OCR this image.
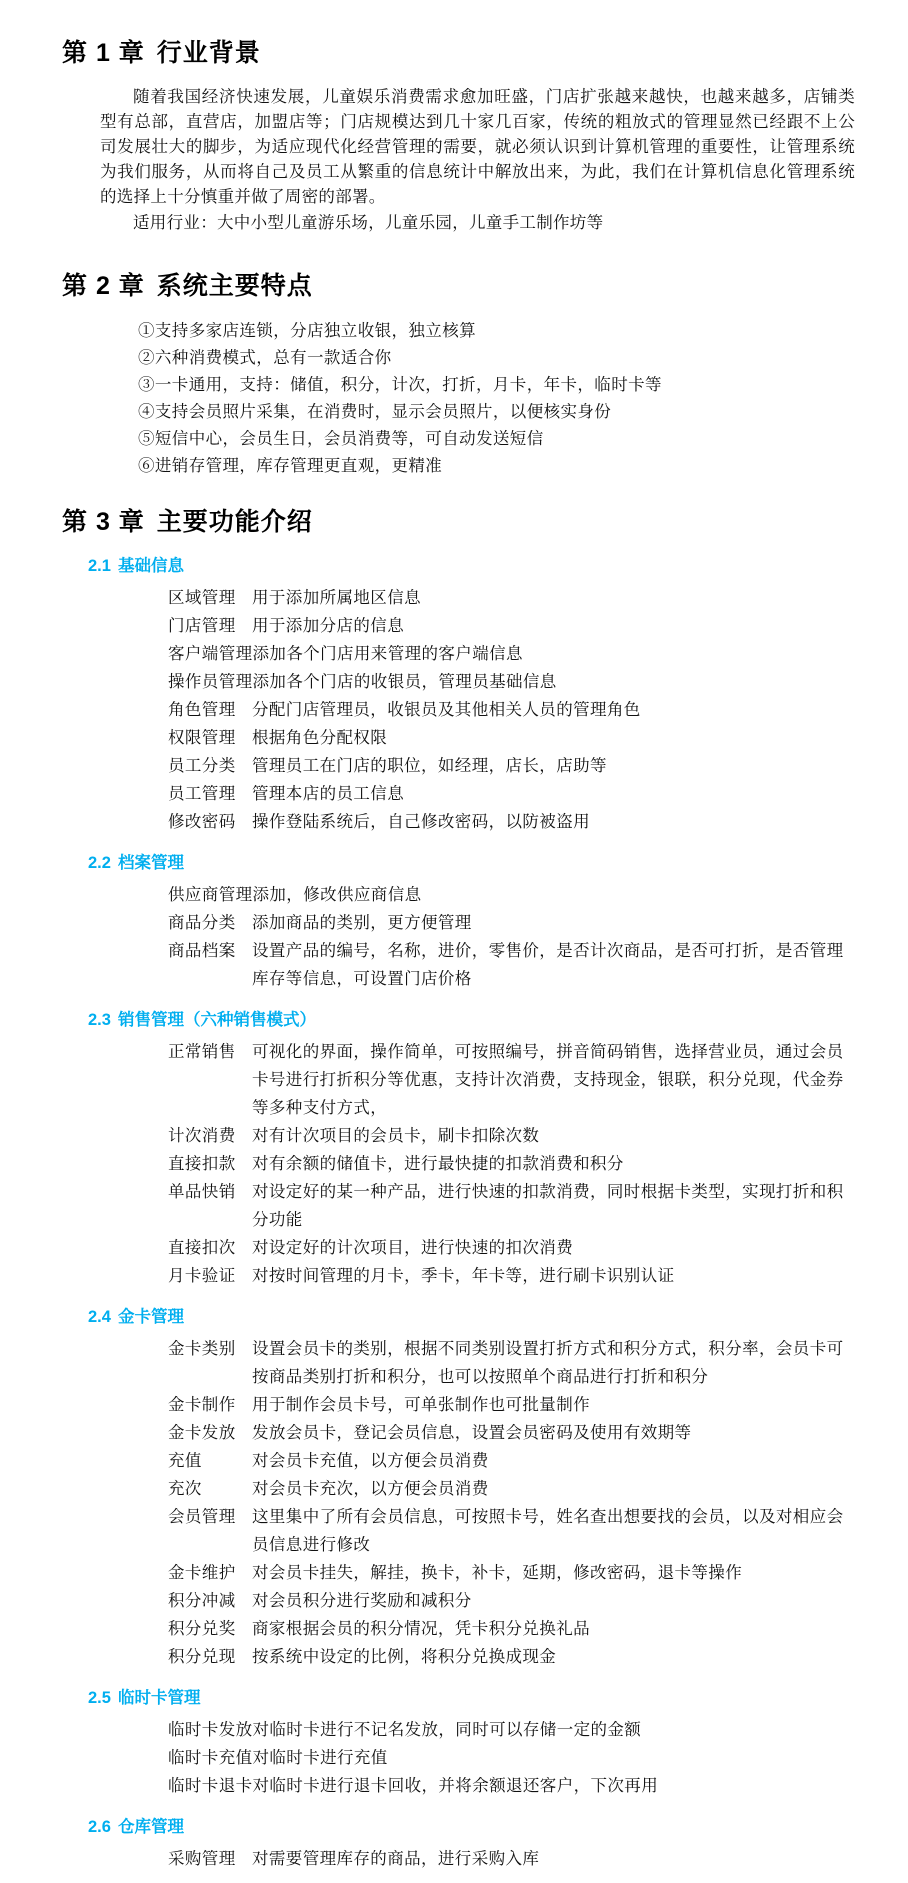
第 1 章 行业背景

随着我国经济快速发展，儿童娱乐消费需求愈加旺盛，门店扩张越来越快，也越来越多，店铺类型有总部，直营店，加盟店等；门店规模达到几十家几百家，传统的粗放式的管理显然已经跟不上公司发展壮大的脚步，为适应现代化经营管理的需要，就必须认识到计算机管理的重要性，让管理系统为我们服务，从而将自己及员工从繁重的信息统计中解放出来，为此，我们在计算机信息化管理系统的选择上十分慎重并做了周密的部署。

适用行业：大中小型儿童游乐场，儿童乐园，儿童手工制作坊等

第 2 章 系统主要特点
①支持多家店连锁，分店独立收银，独立核算
②六种消费模式，总有一款适合你
③一卡通用，支持：储值，积分，计次，打折，月卡，年卡，临时卡等
④支持会员照片采集，在消费时，显示会员照片，以便核实身份
⑤短信中心，会员生日，会员消费等，可自动发送短信
⑥进销存管理，库存管理更直观，更精准
第 3 章 主要功能介绍
2.1 基础信息
区域管理 用于添加所属地区信息
门店管理 用于添加分店的信息
客户端管理 添加各个门店用来管理的客户端信息
操作员管理 添加各个门店的收银员，管理员基础信息
角色管理 分配门店管理员，收银员及其他相关人员的管理角色
权限管理 根据角色分配权限
员工分类 管理员工在门店的职位，如经理，店长，店助等
员工管理 管理本店的员工信息
修改密码 操作登陆系统后，自己修改密码，以防被盗用
2.2 档案管理
供应商管理 添加，修改供应商信息
商品分类 添加商品的类别，更方便管理
商品档案 设置产品的编号，名称，进价，零售价，是否计次商品，是否可打折，是否管理库存等信息，可设置门店价格
2.3 销售管理（六种销售模式）
正常销售 可视化的界面，操作简单，可按照编号，拼音简码销售，选择营业员，通过会员卡号进行打折积分等优惠，支持计次消费，支持现金，银联，积分兑现，代金券等多种支付方式，
计次消费 对有计次项目的会员卡，刷卡扣除次数
直接扣款 对有余额的储值卡，进行最快捷的扣款消费和积分
单品快销 对设定好的某一种产品，进行快速的扣款消费，同时根据卡类型，实现打折和积分功能
直接扣次 对设定好的计次项目，进行快速的扣次消费
月卡验证 对按时间管理的月卡，季卡，年卡等，进行刷卡识别认证
2.4 金卡管理
金卡类别 设置会员卡的类别，根据不同类别设置打折方式和积分方式，积分率，会员卡可按商品类别打折和积分，也可以按照单个商品进行打折和积分
金卡制作 用于制作会员卡号，可单张制作也可批量制作
金卡发放 发放会员卡，登记会员信息，设置会员密码及使用有效期等
充值	对会员卡充值，以方便会员消费
充次	对会员卡充次，以方便会员消费
会员管理 这里集中了所有会员信息，可按照卡号，姓名查出想要找的会员，以及对相应会员信息进行修改
金卡维护 对会员卡挂失，解挂，换卡，补卡，延期，修改密码，退卡等操作
积分冲减 对会员积分进行奖励和减积分
积分兑奖 商家根据会员的积分情况，凭卡积分兑换礼品
积分兑现 按系统中设定的比例，将积分兑换成现金
2.5 临时卡管理
临时卡发放 对临时卡进行不记名发放，同时可以存储一定的金额
临时卡充值 对临时卡进行充值
临时卡退卡 对临时卡进行退卡回收，并将余额退还客户，下次再用
2.6 仓库管理
采购管理 对需要管理库存的商品，进行采购入库
